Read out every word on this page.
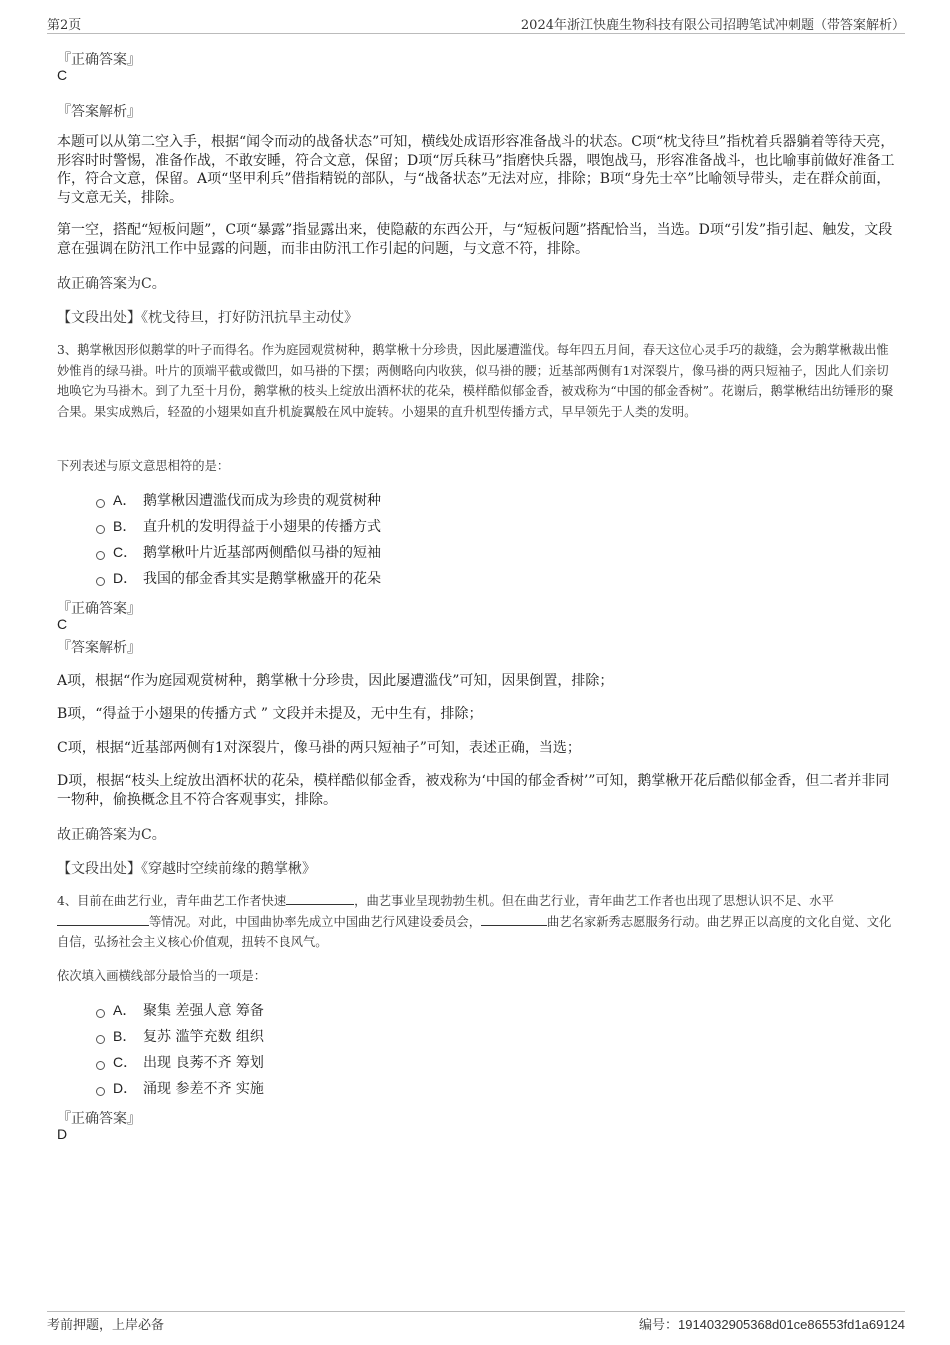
第2页	2024年浙江快鹿生物科技有限公司招聘笔试冲刺题（带答案解析）
『正确答案』
C
『答案解析』
本题可以从第二空入手，根据“闻令而动的战备状态”可知，横线处成语形容准备战斗的状态。C项“枕戈待旦”指枕着兵器躺着等待天亮，形容时时警惕，准备作战，不敢安睡，符合文意，保留；D项“厉兵秣马”指磨快兵器，喂饱战马，形容准备战斗，也比喻事前做好准备工作，符合文意，保留。A项“坚甲利兵”借指精锐的部队，与“战备状态”无法对应，排除；B项“身先士卒”比喻领导带头，走在群众前面，与文意无关，排除。
第一空，搭配“短板问题”，C项“暴露”指显露出来，使隐蔽的东西公开，与“短板问题”搭配恰当，当选。D项“引发”指引起、触发，文段意在强调在防汛工作中显露的问题，而非由防汛工作引起的问题，与文意不符，排除。
故正确答案为C。
【文段出处】《枕戈待旦，打好防汛抗旱主动仗》
3、鹅掌楸因形似鹅掌的叶子而得名。作为庭园观赏树种，鹅掌楸十分珍贵，因此屡遭滥伐。每年四五月间，春天这位心灵手巧的裁缝，会为鹅掌楸裁出惟妙惟肖的绿马褂。叶片的顶端平截或微凹，如马褂的下摆；两侧略向内收狭，似马褂的腰；近基部两侧有1对深裂片，像马褂的两只短袖子，因此人们亲切地唤它为马褂木。到了九至十月份，鹅掌楸的枝头上绽放出酒杯状的花朵，模样酷似郁金香，被戏称为“中国的郁金香树”。花谢后，鹅掌楸结出纺锤形的聚合果。果实成熟后，轻盈的小翅果如直升机旋翼般在风中旋转。小翅果的直升机型传播方式，早早领先于人类的发明。
下列表述与原文意思相符的是：
A． 鹅掌楸因遭滥伐而成为珍贵的观赏树种
B． 直升机的发明得益于小翅果的传播方式
C． 鹅掌楸叶片近基部两侧酷似马褂的短袖
D． 我国的郁金香其实是鹅掌楸盛开的花朵
『正确答案』
C
『答案解析』
A项，根据“作为庭园观赏树种，鹅掌楸十分珍贵，因此屡遭滥伐”可知，因果倒置，排除；
B项，“得益于小翅果的传播方式 ” 文段并未提及，无中生有，排除；
C项，根据“近基部两侧有1对深裂片，像马褂的两只短袖子”可知，表述正确，当选；
D项，根据“枝头上绽放出酒杯状的花朵，模样酷似郁金香，被戏称为‘中国的郁金香树’”可知，鹅掌楸开花后酷似郁金香，但二者并非同一物种，偷换概念且不符合客观事实，排除。
故正确答案为C。
【文段出处】《穿越时空续前缘的鹅掌楸》
4、目前在曲艺行业，青年曲艺工作者快速	，曲艺事业呈现勃勃生机。但在曲艺行业，青年曲艺工作者也出现了思想认识不足、水平等情况。对此，中国曲协率先成立中国曲艺行风建设委员会，	曲艺名家新秀志愿服务行动。曲艺界正以高度的文化自觉、文化自信，弘扬社会主义核心价值观，扭转不良风气。
依次填入画横线部分最恰当的一项是：
A． 聚集 差强人意 筹备
B． 复苏 滥竽充数 组织
C． 出现 良莠不齐 筹划
D． 涌现 参差不齐 实施
『正确答案』
D
考前押题，上岸必备	编号：1914032905368d01ce86553fd1a69124
